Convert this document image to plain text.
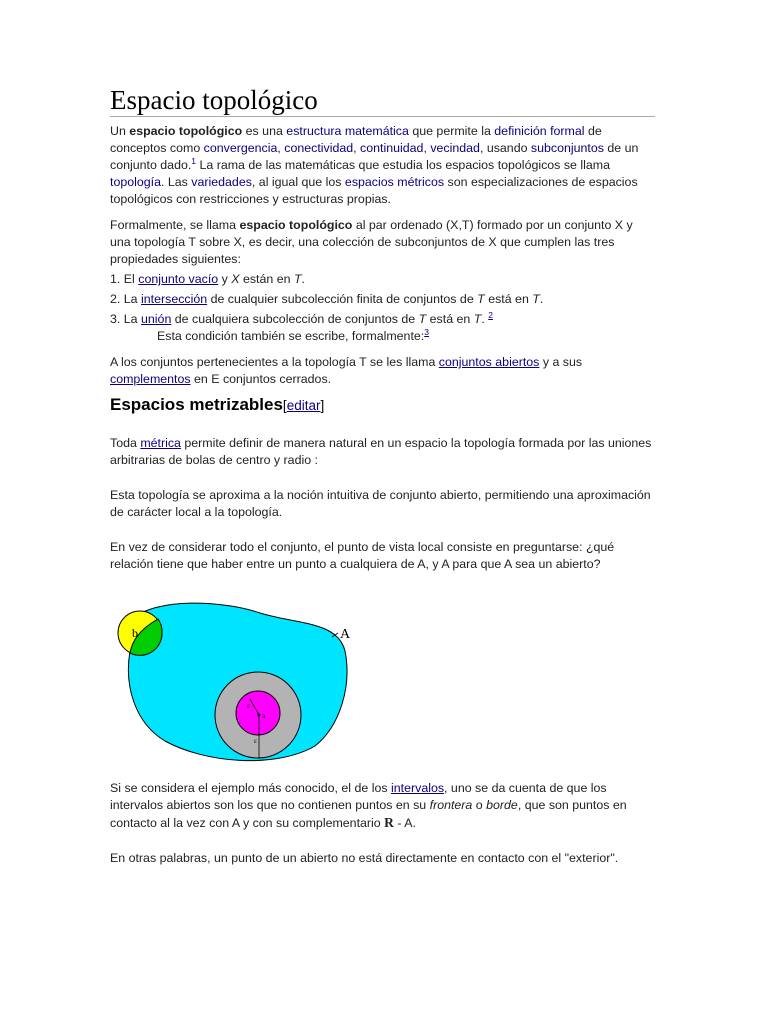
Espacio topológico

Un espacio topológico es una estructura matemática que permite la definición formal de conceptos como convergencia, conectividad, continuidad, vecindad, usando subconjuntos de un conjunto dado.$^1$ La rama de las matemáticas que estudia los espacios topológicos se llama topología. Las variedades, al igual que los espacios métricos son especializaciones de espacios topológicos con restricciones y estructuras propias.

Formalmente, se llama espacio topológico al par ordenado (X,T) formado por un conjunto X y una topología T sobre X, es decir, una colección de subconjuntos de X que cumplen las tres propiedades siguientes:

1. El conjunto vacío y X están en T.

2. La intersección de cualquier subcolección finita de conjuntos de T está en T.

3. La unión de cualquiera subcolección de conjuntos de T está en T. $^2$

Esta condición también se escribe, formalmente:$^3$

A los conjuntos pertenecientes a la topología T se les llama conjuntos abiertos y a sus complementos en E conjuntos cerrados.

Espacios metrizables[editar]

Toda métrica permite definir de manera natural en un espacio la topología formada por las uniones arbitrarias de bolas de centro y radio :

Esta topología se aproxima a la noción intuitiva de conjunto abierto, permitiendo una aproximación de carácter local a la topología.

En vez de considerar todo el conjunto, el punto de vista local consiste en preguntarse: ¿qué relación tiene que haber entre un punto a cualquiera de A, y A para que A sea un abierto?

A
b
a
ε
ε

Si se considera el ejemplo más conocido, el de los intervalos, uno se da cuenta de que los intervalos abiertos son los que no contienen puntos en su frontera o borde, que son puntos en contacto al la vez con A y con su complementario R - A.

En otras palabras, un punto de un abierto no está directamente en contacto con el "exterior".
